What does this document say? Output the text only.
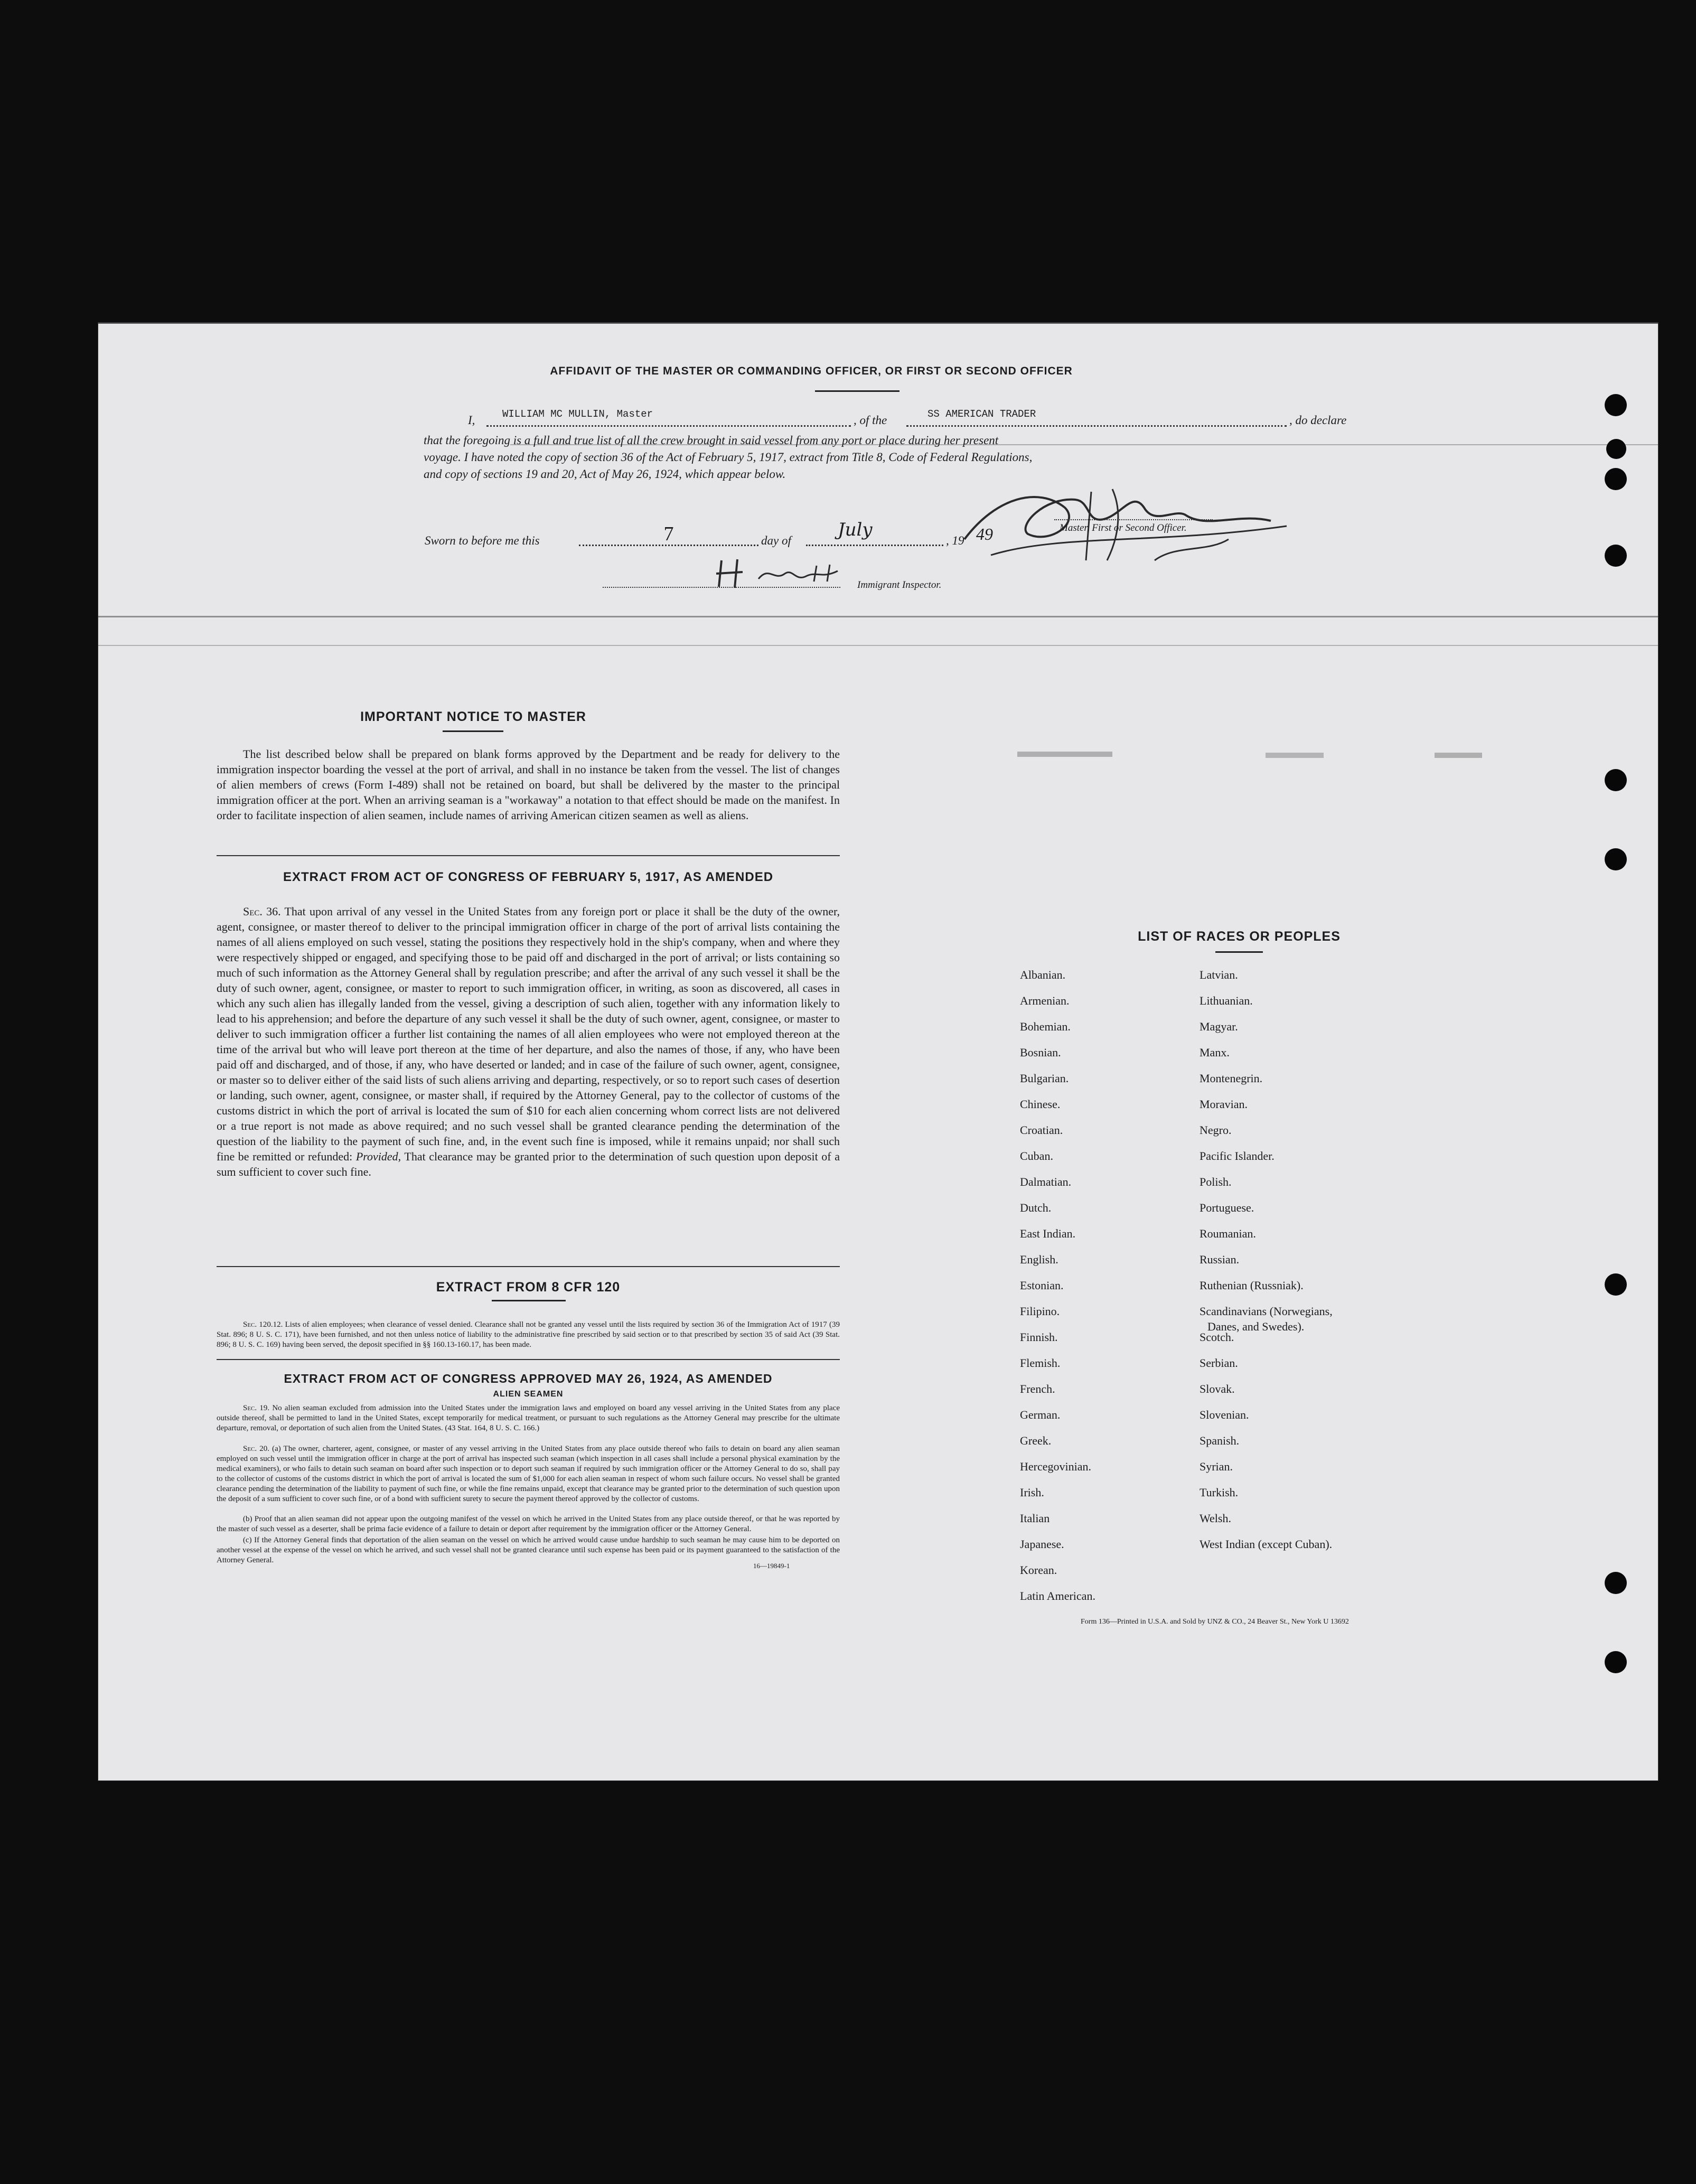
AFFIDAVIT OF THE MASTER OR COMMANDING OFFICER, OR FIRST OR SECOND OFFICER
I,	WILLIAM MC MULLIN, Master	, of the	SS AMERICAN TRADER	, do declare
that the foregoing is a full and true list of all the crew brought in said vessel from any port or place during her present
voyage. I have noted the copy of section 36 of the Act of February 5, 1917, extract from Title 8, Code of Federal Regulations,
and copy of sections 19 and 20, Act of May 26, 1924, which appear below.
Master, First or Second Officer.
Sworn to before me this	7	day of
July
, 19 49
Immigrant Inspector.
IMPORTANT NOTICE TO MASTER
The list described below shall be prepared on blank forms approved by the Department and be ready for delivery to the immigration inspector boarding the vessel at the port of arrival, and shall in no instance be taken from the vessel. The list of changes of alien members of crews (Form I-489) shall not be retained on board, but shall be delivered by the master to the principal immigration officer at the port. When an arriving seaman is a "workaway" a notation to that effect should be made on the manifest. In order to facilitate inspection of alien seamen, include names of arriving American citizen seamen as well as aliens.
EXTRACT FROM ACT OF CONGRESS OF FEBRUARY 5, 1917, AS AMENDED
Sec. 36. That upon arrival of any vessel in the United States from any foreign port or place it shall be the duty of the owner, agent, consignee, or master thereof to deliver to the principal immigration officer in charge of the port of arrival lists containing the names of all aliens employed on such vessel, stating the positions they respectively hold in the ship's company, when and where they were respectively shipped or engaged, and specifying those to be paid off and discharged in the port of arrival; or lists containing so much of such information as the Attorney General shall by regulation prescribe; and after the arrival of any such vessel it shall be the duty of such owner, agent, consignee, or master to report to such immigration officer, in writing, as soon as discovered, all cases in which any such alien has illegally landed from the vessel, giving a description of such alien, together with any information likely to lead to his apprehension; and before the departure of any such vessel it shall be the duty of such owner, agent, consignee, or master to deliver to such immigration officer a further list containing the names of all alien employees who were not employed thereon at the time of the arrival but who will leave port thereon at the time of her departure, and also the names of those, if any, who have been paid off and discharged, and of those, if any, who have deserted or landed; and in case of the failure of such owner, agent, consignee, or master so to deliver either of the said lists of such aliens arriving and departing, respectively, or so to report such cases of desertion or landing, such owner, agent, consignee, or master shall, if required by the Attorney General, pay to the collector of customs of the customs district in which the port of arrival is located the sum of $10 for each alien concerning whom correct lists are not delivered or a true report is not made as above required; and no such vessel shall be granted clearance pending the determination of the question of the liability to the payment of such fine, and, in the event such fine is imposed, while it remains unpaid; nor shall such fine be remitted or refunded: Provided, That clearance may be granted prior to the determination of such question upon deposit of a sum sufficient to cover such fine.
EXTRACT FROM 8 CFR 120
Sec. 120.12. Lists of alien employees; when clearance of vessel denied. Clearance shall not be granted any vessel until the lists required by section 36 of the Immigration Act of 1917 (39 Stat. 896; 8 U. S. C. 171), have been furnished, and not then unless notice of liability to the administrative fine prescribed by said section or to that prescribed by section 35 of said Act (39 Stat. 896; 8 U. S. C. 169) having been served, the deposit specified in §§ 160.13-160.17, has been made.
EXTRACT FROM ACT OF CONGRESS APPROVED MAY 26, 1924, AS AMENDED
ALIEN SEAMEN
Sec. 19. No alien seaman excluded from admission into the United States under the immigration laws and employed on board any vessel arriving in the United States from any place outside thereof, shall be permitted to land in the United States, except temporarily for medical treatment, or pursuant to such regulations as the Attorney General may prescribe for the ultimate departure, removal, or deportation of such alien from the United States. (43 Stat. 164, 8 U. S. C. 166.)
Sec. 20. (a) The owner, charterer, agent, consignee, or master of any vessel arriving in the United States from any place outside thereof who fails to detain on board any alien seaman employed on such vessel until the immigration officer in charge at the port of arrival has inspected such seaman (which inspection in all cases shall include a personal physical examination by the medical examiners), or who fails to detain such seaman on board after such inspection or to deport such seaman if required by such immigration officer or the Attorney General to do so, shall pay to the collector of customs of the customs district in which the port of arrival is located the sum of $1,000 for each alien seaman in respect of whom such failure occurs. No vessel shall be granted clearance pending the determination of the liability to payment of such fine, or while the fine remains unpaid, except that clearance may be granted prior to the determination of such question upon the deposit of a sum sufficient to cover such fine, or of a bond with sufficient surety to secure the payment thereof approved by the collector of customs.
(b) Proof that an alien seaman did not appear upon the outgoing manifest of the vessel on which he arrived in the United States from any place outside thereof, or that he was reported by the master of such vessel as a deserter, shall be prima facie evidence of a failure to detain or deport after requirement by the immigration officer or the Attorney General.
(c) If the Attorney General finds that deportation of the alien seaman on the vessel on which he arrived would cause undue hardship to such seaman he may cause him to be deported on another vessel at the expense of the vessel on which he arrived, and such vessel shall not be granted clearance until such expense has been paid or its payment guaranteed to the satisfaction of the Attorney General.
16—19849-1
LIST OF RACES OR PEOPLES
Albanian.
Armenian.
Bohemian.
Bosnian.
Bulgarian.
Chinese.
Croatian.
Cuban.
Dalmatian.
Dutch.
East Indian.
English.
Estonian.
Filipino.
Finnish.
Flemish.
French.
German.
Greek.
Hercegovinian.
Irish.
Italian
Japanese.
Korean.
Latin American.
Latvian.
Lithuanian.
Magyar.
Manx.
Montenegrin.
Moravian.
Negro.
Pacific Islander.
Polish.
Portuguese.
Roumanian.
Russian.
Ruthenian (Russniak).
Scandinavians (Norwegians,
Danes, and Swedes).
Scotch.
Serbian.
Slovak.
Slovenian.
Spanish.
Syrian.
Turkish.
Welsh.
West Indian (except Cuban).
Form 136—Printed in U.S.A. and Sold by UNZ & CO., 24 Beaver St., New York U 13692
